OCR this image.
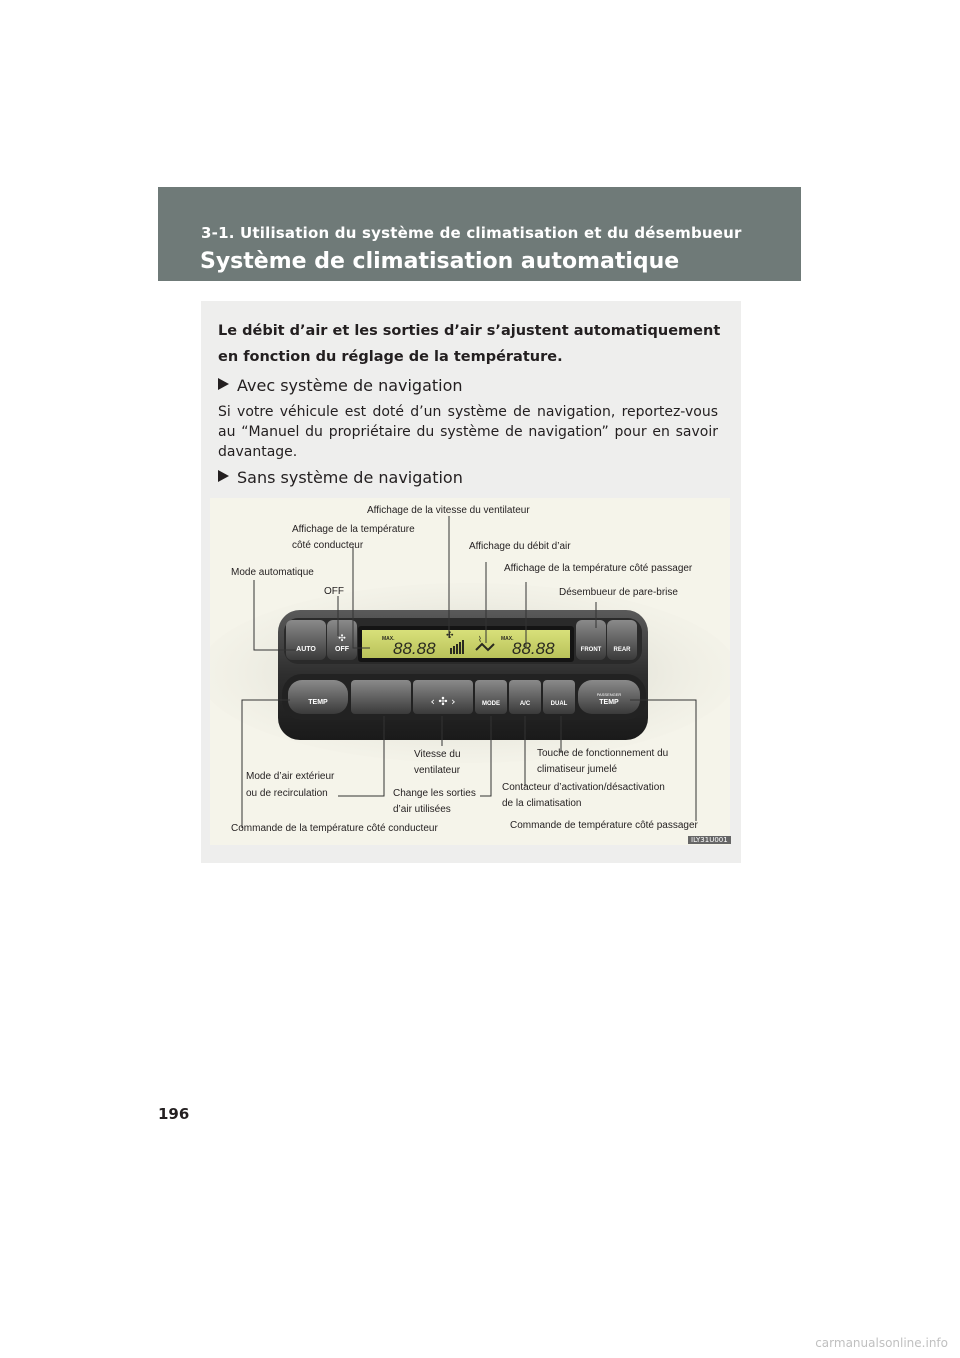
3-1. Utilisation du système de climatisation et du désembueur
Système de climatisation automatique
Le débit d’air et les sorties d’air s’ajustent automatiquement en fonction du réglage de la température.
Avec système de navigation
Si votre véhicule est doté d’un système de navigation, reportez-vous au “Manuel du propriétaire du système de navigation” pour en savoir davantage.
Sans système de navigation
AUTO	OFF
✣	MAX.
88.88
✣	⌇	MAX.
88.88	FRONT REAR
TEMP	‹ ✣ ›	MODE	A/C	DUAL
PASSENGER
TEMP
Affichage de la vitesse du ventilateur
Affichage de la température
côté conducteur	Affichage du débit d’air
Affichage de la température côté passager
Mode automatique
OFF	Désembueur de pare-brise
Vitesse du
ventilateur
Touche de fonctionnement du
climatiseur jumelé
Mode d’air extérieur
ou de recirculation	Change les sorties
d’air utilisées
Contacteur d’activation/désactivation
de la climatisation
Commande de la température côté conducteur	Commande de température côté passager
ILY31U001
196
carmanualsonline.info
